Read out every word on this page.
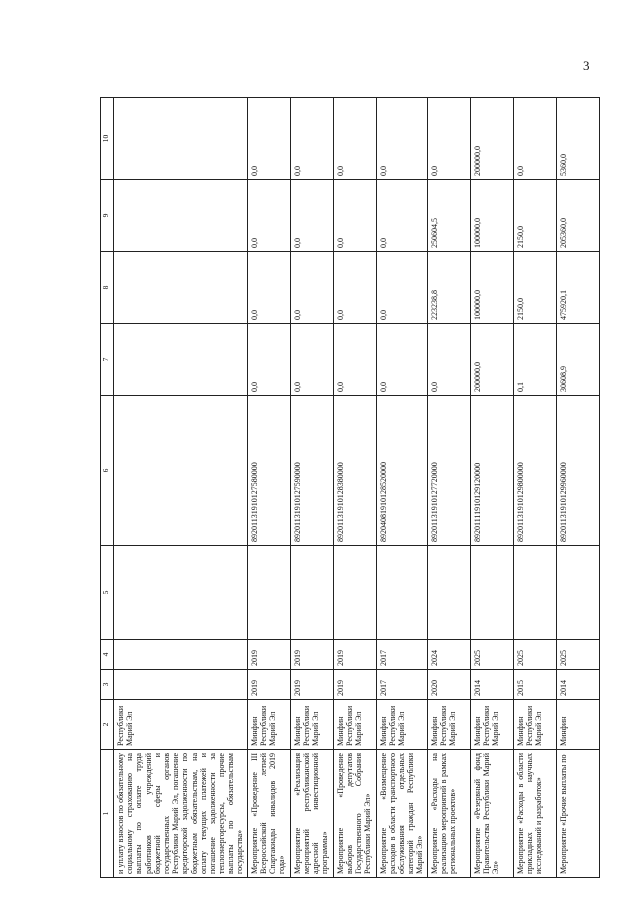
3
1	2	3	4	5	6	7	8	9	10
и уплату взносов по обязательному социальному страхованию на выплаты по оплате труда работников учреждений бюджетной сферы и государственных органов Республики Марий Эл, погашение кредиторской задолженности по бюджетным обязательствам, на оплату текущих платежей и погашение задолженности за теплоэнергоресурсы, прочие выплаты по обязательствам государства»	Республики Марий Эл								
Мероприятие «Проведение III Всероссийской летней Спартакиады инвалидов 2019 года»	Минфин Республики Марий Эл	2019	2019		89201131910127580000	0,0	0,0	0,0	0,0
Мероприятие «Реализация мероприятий республиканской адресной инвестиционной программы»	Минфин Республики Марий Эл	2019	2019		89201131910127590000	0,0	0,0	0,0	0,0
Мероприятие «Проведение выборов депутатов Государственного Собрания Республики Марий Эл»	Минфин Республики Марий Эл	2019	2019		89201131910128380000	0,0	0,0	0,0	0,0
Мероприятие «Возмещение расходов в области транспортного обслуживания отдельных категорий граждан Республики Марий Эл»	Минфин Республики Марий Эл	2017	2017		89204081910128520000	0,0	0,0	0,0	0,0
Мероприятие «Расходы на реализацию мероприятий в рамках региональных проектов»	Минфин Республики Марий Эл	2020	2024		89201131910127720000	0,0	223238,8	250604,5	0,0
Мероприятие «Резервный фонд Правительства Республики Марий Эл»	Минфин Республики Марий Эл	2014	2025		89201111910129120000	200000,0	100000,0	100000,0	200000,0
Мероприятие «Расходы в области прикладных научных исследований и разработок»	Минфин Республики Марий Эл	2015	2025		89201131910129800000	0,1	2150,0	2150,0	0,0
Мероприятие «Прочие выплаты по	Минфин	2014	2025		89201131910129960000	30608,9	475920,1	205360,0	5360,0
